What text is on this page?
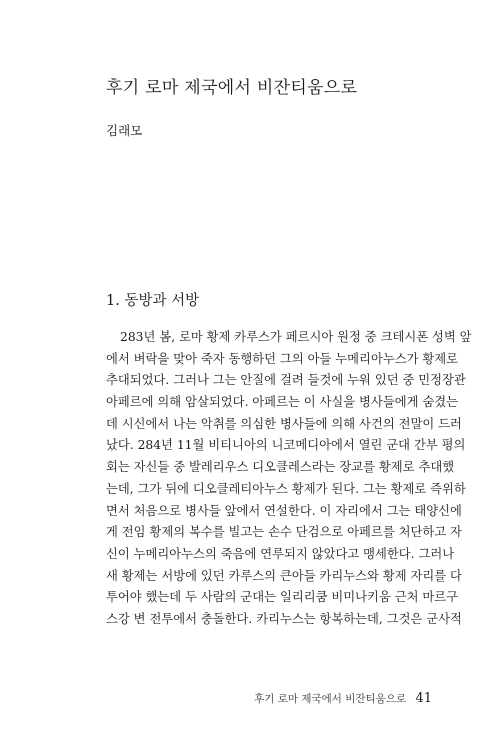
후기 로마 제국에서 비잔티움으로
김래모
1. 동방과 서방
283년 봄, 로마 황제 카루스가 페르시아 원정 중 크테시폰 성벽 앞
에서 벼락을 맞아 죽자 동행하던 그의 아들 누메리아누스가 황제로
추대되었다. 그러나 그는 안질에 걸려 들것에 누워 있던 중 민정장관
아페르에 의해 암살되었다. 아페르는 이 사실을 병사들에게 숨겼는
데 시신에서 나는 악취를 의심한 병사들에 의해 사건의 전말이 드러
났다. 284년 11월 비티니아의 니코메디아에서 열린 군대 간부 평의
회는 자신들 중 발레리우스 디오클레스라는 장교를 황제로 추대했
는데, 그가 뒤에 디오클레티아누스 황제가 된다. 그는 황제로 즉위하
면서 처음으로 병사들 앞에서 연설한다. 이 자리에서 그는 태양신에
게 전임 황제의 복수를 빌고는 손수 단검으로 아페르를 처단하고 자
신이 누메리아누스의 죽음에 연루되지 않았다고 맹세한다. 그러나
새 황제는 서방에 있던 카루스의 큰아들 카리누스와 황제 자리를 다
투어야 했는데 두 사람의 군대는 일리리쿰 비미나키움 근처 마르구
스강 변 전투에서 충돌한다. 카리누스는 항복하는데, 그것은 군사적
후기 로마 제국에서 비잔티움으로 41
